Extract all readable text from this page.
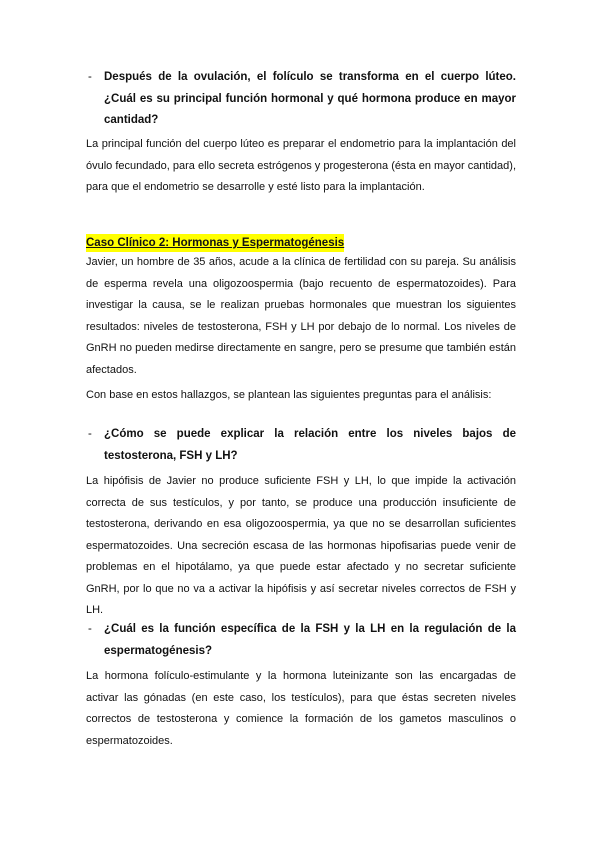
- Después de la ovulación, el folículo se transforma en el cuerpo lúteo. ¿Cuál es su principal función hormonal y qué hormona produce en mayor cantidad?
La principal función del cuerpo lúteo es preparar el endometrio para la implantación del óvulo fecundado, para ello secreta estrógenos y progesterona (ésta en mayor cantidad), para que el endometrio se desarrolle y esté listo para la implantación.
Caso Clínico 2: Hormonas y Espermatogénesis
Javier, un hombre de 35 años, acude a la clínica de fertilidad con su pareja. Su análisis de esperma revela una oligozoospermia (bajo recuento de espermatozoides). Para investigar la causa, se le realizan pruebas hormonales que muestran los siguientes resultados: niveles de testosterona, FSH y LH por debajo de lo normal. Los niveles de GnRH no pueden medirse directamente en sangre, pero se presume que también están afectados.
Con base en estos hallazgos, se plantean las siguientes preguntas para el análisis:
- ¿Cómo se puede explicar la relación entre los niveles bajos de testosterona, FSH y LH?
La hipófisis de Javier no produce suficiente FSH y LH, lo que impide la activación correcta de sus testículos, y por tanto, se produce una producción insuficiente de testosterona, derivando en esa oligozoospermia, ya que no se desarrollan suficientes espermatozoides. Una secreción escasa de las hormonas hipofisarias puede venir de problemas en el hipotálamo, ya que puede estar afectado y no secretar suficiente GnRH, por lo que no va a activar la hipófisis y así secretar niveles correctos de FSH y LH.
- ¿Cuál es la función específica de la FSH y la LH en la regulación de la espermatogénesis?
La hormona folículo-estimulante y la hormona luteinizante son las encargadas de activar las gónadas (en este caso, los testículos), para que éstas secreten niveles correctos de testosterona y comience la formación de los gametos masculinos o espermatozoides.
